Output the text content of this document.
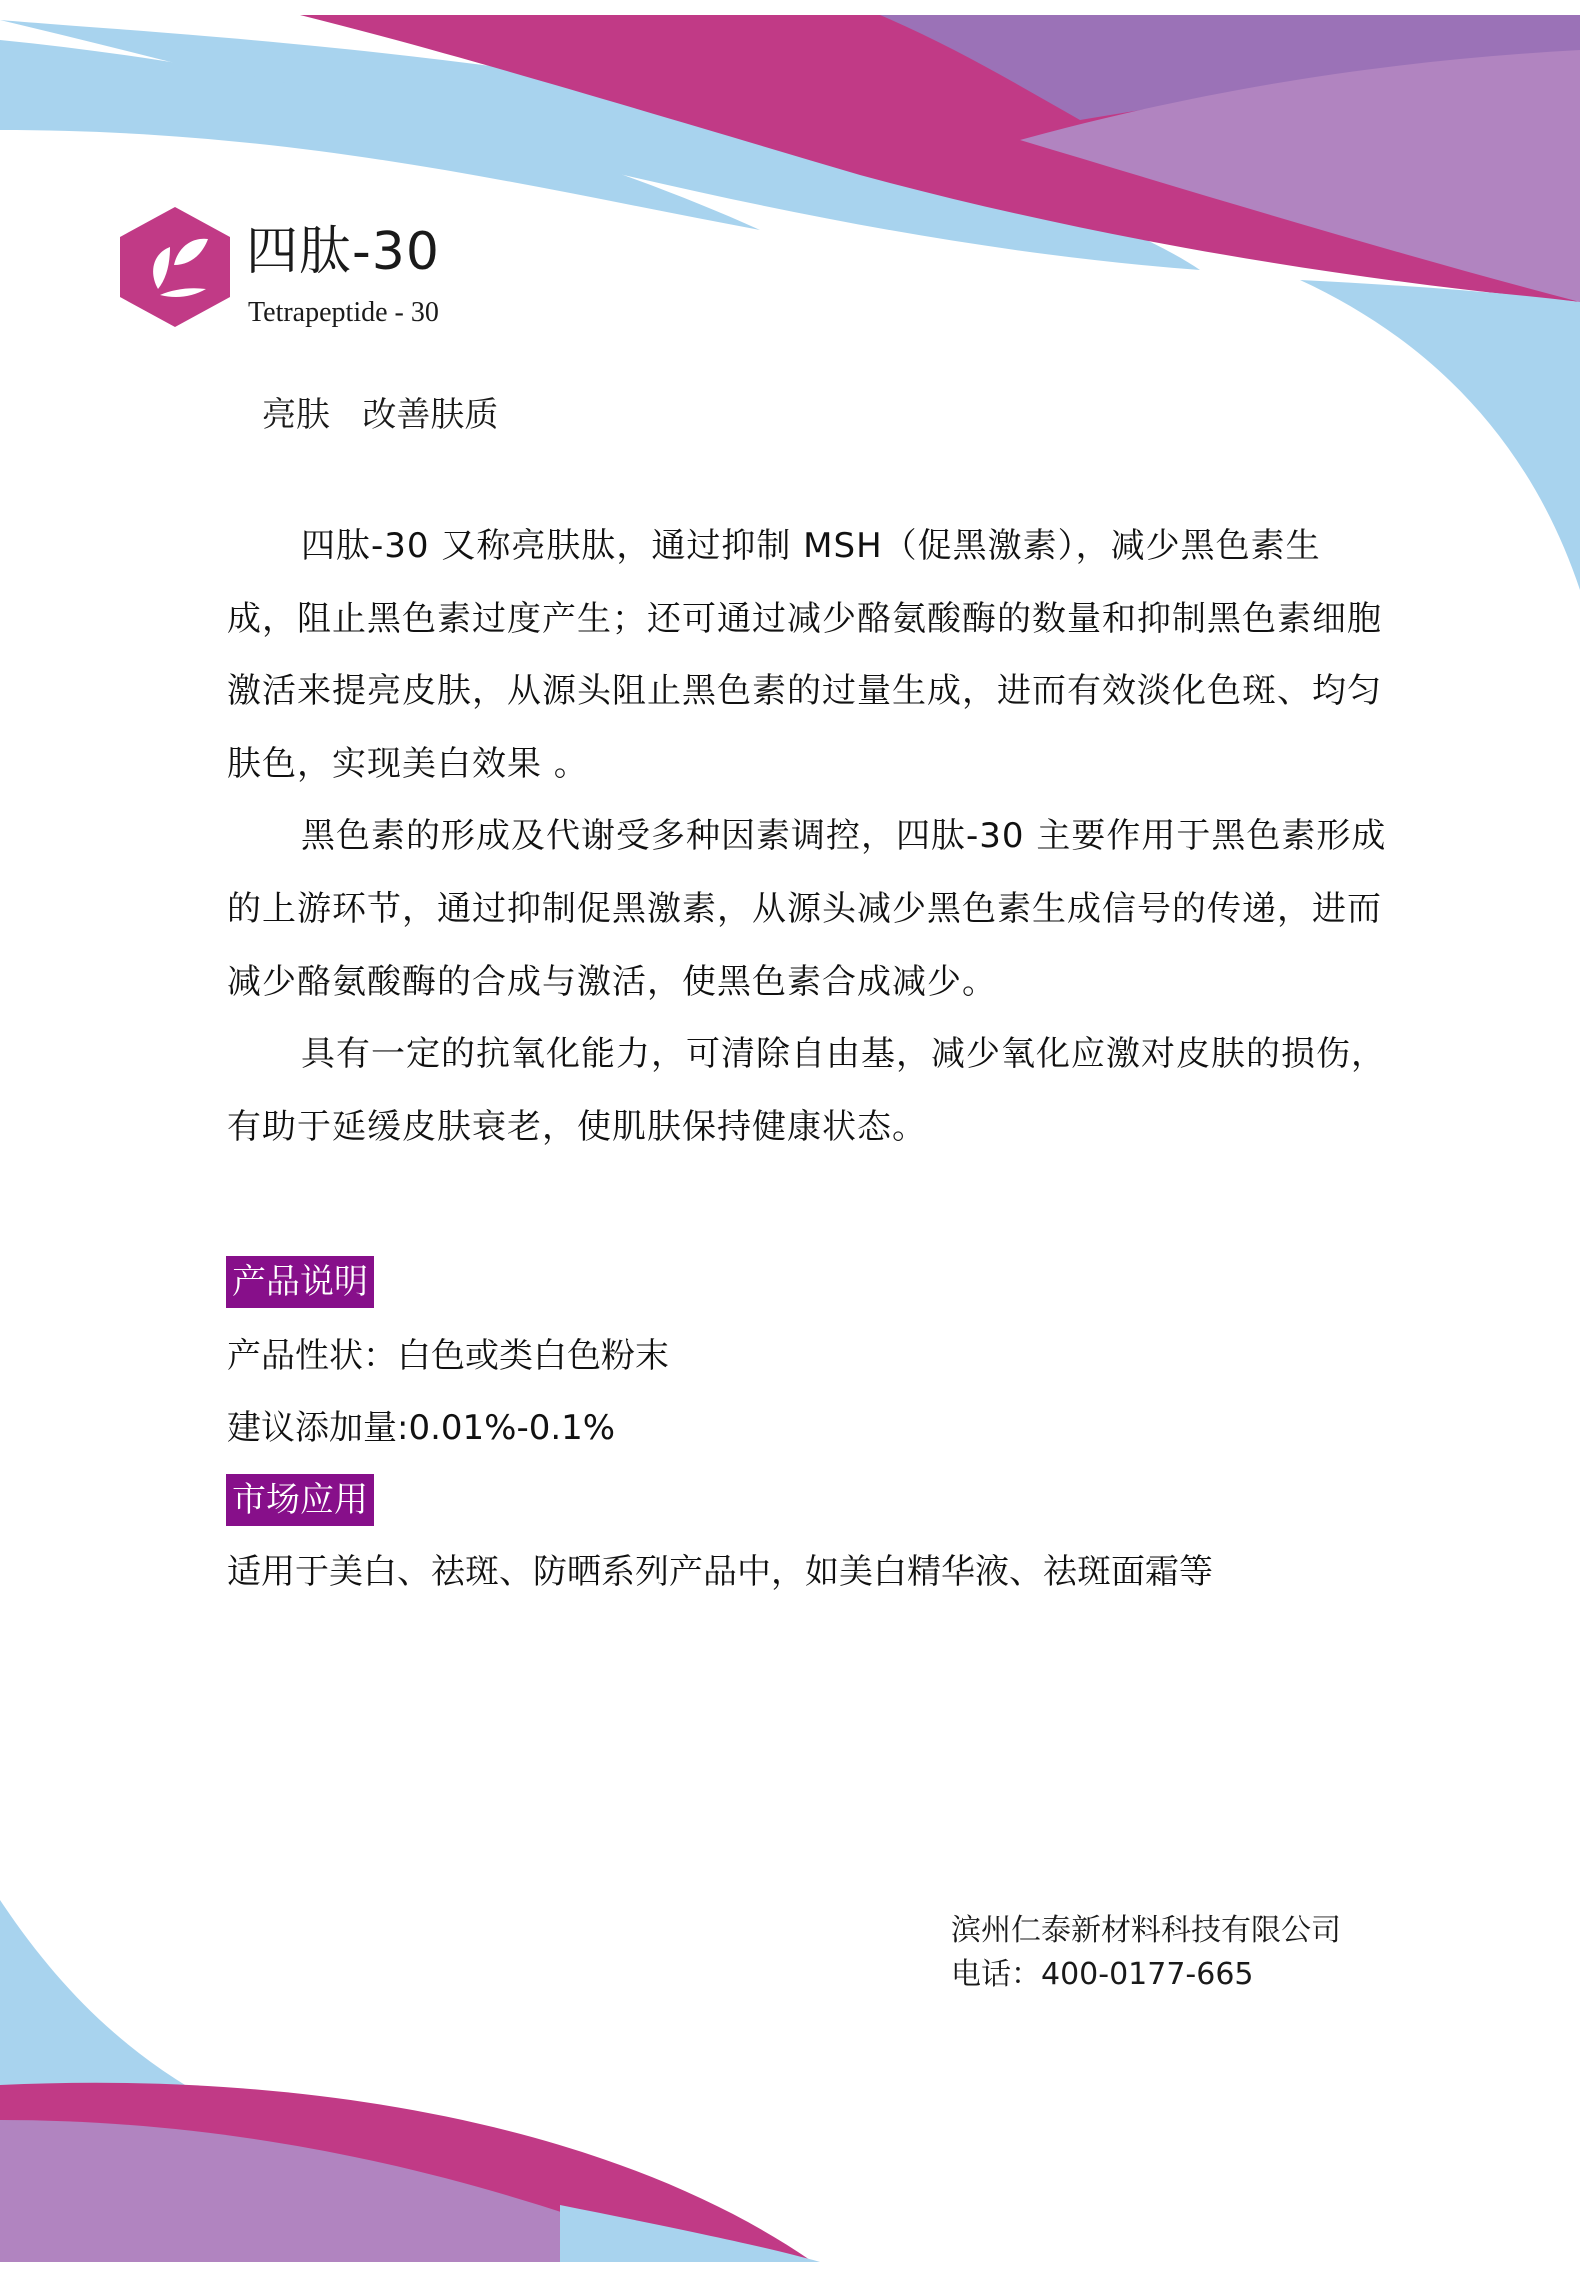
四肽-30
Tetrapeptide - 30
亮肤   改善肤质

四肽-30 又称亮肤肽，通过抑制 MSH（促黑激素），减少黑色素生成，阻止黑色素过度产生；还可通过减少酪氨酸酶的数量和抑制黑色素细胞激活来提亮皮肤，从源头阻止黑色素的过量生成，进而有效淡化色斑、均匀肤色，实现美白效果 。

黑色素的形成及代谢受多种因素调控，四肽-30 主要作用于黑色素形成的上游环节，通过抑制促黑激素，从源头减少黑色素生成信号的传递，进而减少酪氨酸酶的合成与激活，使黑色素合成减少。

具有一定的抗氧化能力，可清除自由基，减少氧化应激对皮肤的损伤，有助于延缓皮肤衰老，使肌肤保持健康状态。

产品说明
产品性状：白色或类白色粉末
建议添加量:0.01%-0.1%
市场应用
适用于美白、祛斑、防晒系列产品中，如美白精华液、祛斑面霜等
滨州仁泰新材料科技有限公司
电话：400-0177-665
